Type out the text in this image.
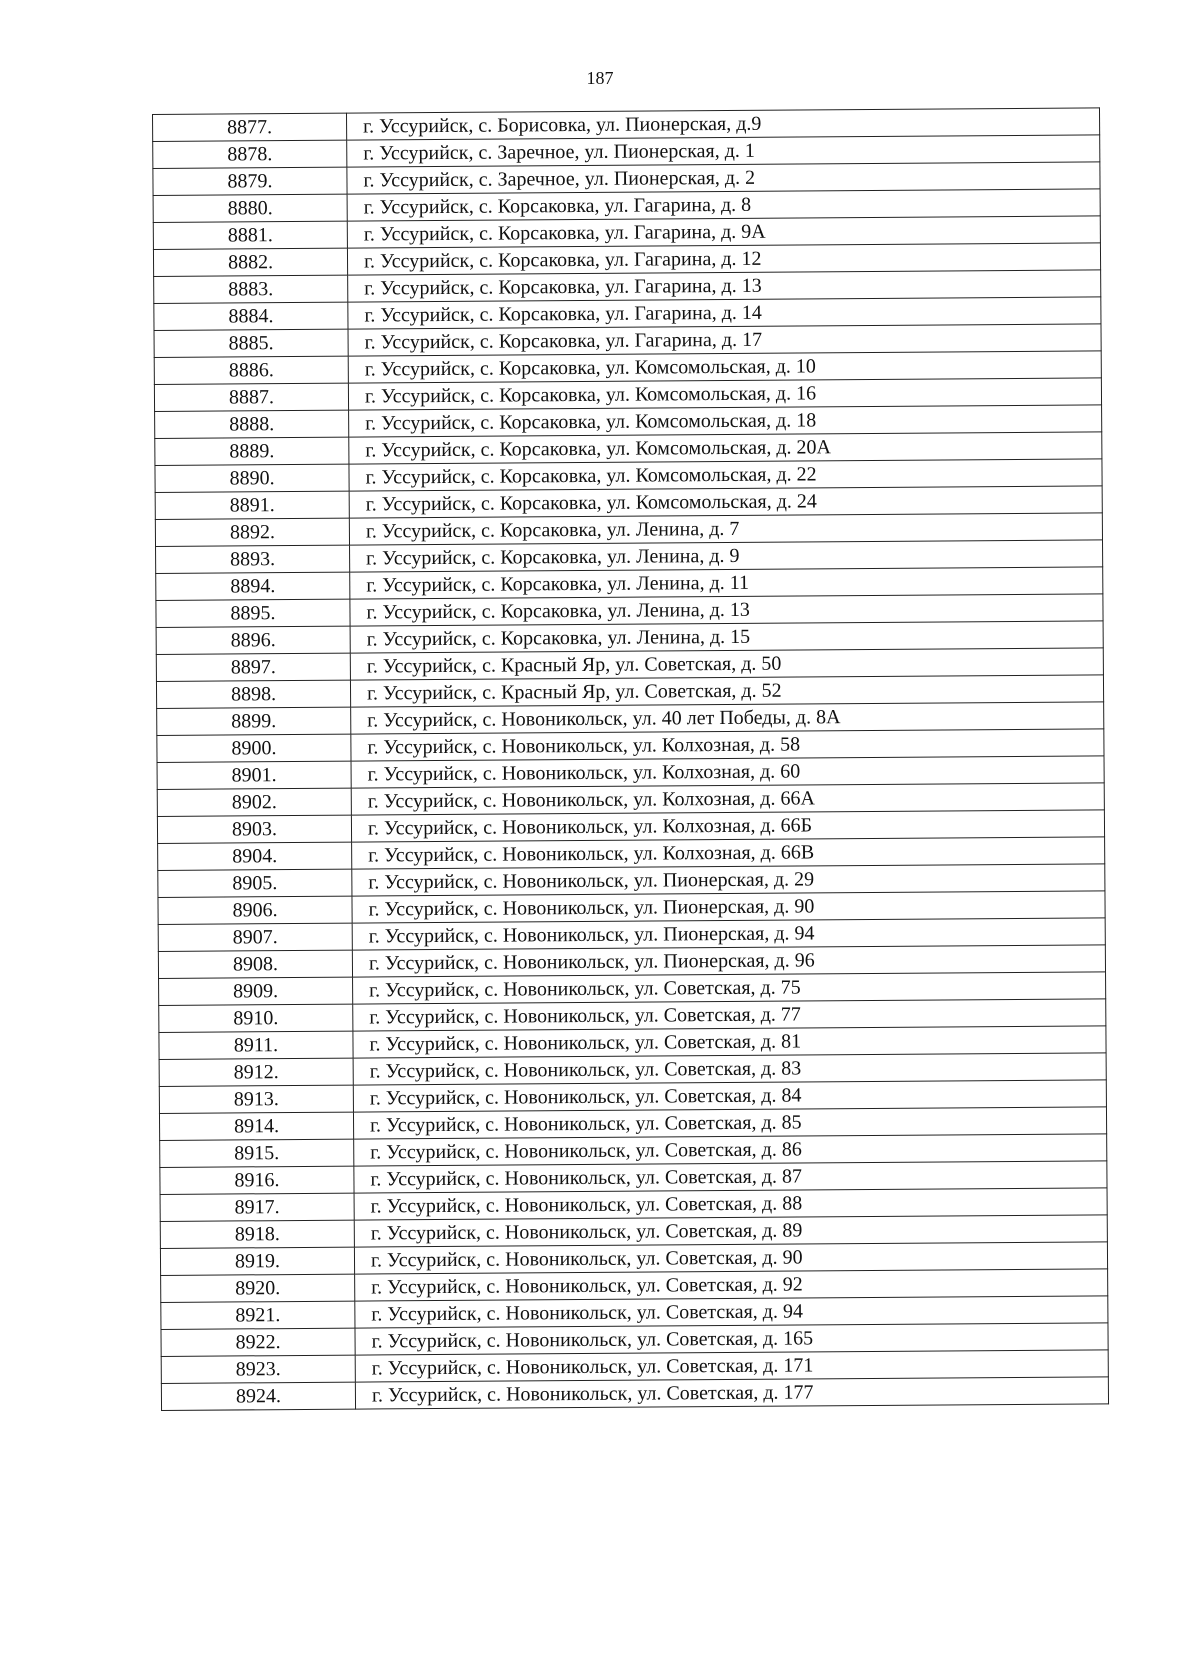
187
8877.	г. Уссурийск, с. Борисовка, ул. Пионерская, д.9
8878.	г. Уссурийск, с. Заречное, ул. Пионерская, д. 1
8879.	г. Уссурийск, с. Заречное, ул. Пионерская, д. 2
8880.	г. Уссурийск, с. Корсаковка, ул. Гагарина, д. 8
8881.	г. Уссурийск, с. Корсаковка, ул. Гагарина, д. 9А
8882.	г. Уссурийск, с. Корсаковка, ул. Гагарина, д. 12
8883.	г. Уссурийск, с. Корсаковка, ул. Гагарина, д. 13
8884.	г. Уссурийск, с. Корсаковка, ул. Гагарина, д. 14
8885.	г. Уссурийск, с. Корсаковка, ул. Гагарина, д. 17
8886.	г. Уссурийск, с. Корсаковка, ул. Комсомольская, д. 10
8887.	г. Уссурийск, с. Корсаковка, ул. Комсомольская, д. 16
8888.	г. Уссурийск, с. Корсаковка, ул. Комсомольская, д. 18
8889.	г. Уссурийск, с. Корсаковка, ул. Комсомольская, д. 20А
8890.	г. Уссурийск, с. Корсаковка, ул. Комсомольская, д. 22
8891.	г. Уссурийск, с. Корсаковка, ул. Комсомольская, д. 24
8892.	г. Уссурийск, с. Корсаковка, ул. Ленина, д. 7
8893.	г. Уссурийск, с. Корсаковка, ул. Ленина, д. 9
8894.	г. Уссурийск, с. Корсаковка, ул. Ленина, д. 11
8895.	г. Уссурийск, с. Корсаковка, ул. Ленина, д. 13
8896.	г. Уссурийск, с. Корсаковка, ул. Ленина, д. 15
8897.	г. Уссурийск, с. Красный Яр, ул. Советская, д. 50
8898.	г. Уссурийск, с. Красный Яр, ул. Советская, д. 52
8899.	г. Уссурийск, с. Новоникольск, ул. 40 лет Победы, д. 8А
8900.	г. Уссурийск, с. Новоникольск, ул. Колхозная, д. 58
8901.	г. Уссурийск, с. Новоникольск, ул. Колхозная, д. 60
8902.	г. Уссурийск, с. Новоникольск, ул. Колхозная, д. 66А
8903.	г. Уссурийск, с. Новоникольск, ул. Колхозная, д. 66Б
8904.	г. Уссурийск, с. Новоникольск, ул. Колхозная, д. 66В
8905.	г. Уссурийск, с. Новоникольск, ул. Пионерская, д. 29
8906.	г. Уссурийск, с. Новоникольск, ул. Пионерская, д. 90
8907.	г. Уссурийск, с. Новоникольск, ул. Пионерская, д. 94
8908.	г. Уссурийск, с. Новоникольск, ул. Пионерская, д. 96
8909.	г. Уссурийск, с. Новоникольск, ул. Советская, д. 75
8910.	г. Уссурийск, с. Новоникольск, ул. Советская, д. 77
8911.	г. Уссурийск, с. Новоникольск, ул. Советская, д. 81
8912.	г. Уссурийск, с. Новоникольск, ул. Советская, д. 83
8913.	г. Уссурийск, с. Новоникольск, ул. Советская, д. 84
8914.	г. Уссурийск, с. Новоникольск, ул. Советская, д. 85
8915.	г. Уссурийск, с. Новоникольск, ул. Советская, д. 86
8916.	г. Уссурийск, с. Новоникольск, ул. Советская, д. 87
8917.	г. Уссурийск, с. Новоникольск, ул. Советская, д. 88
8918.	г. Уссурийск, с. Новоникольск, ул. Советская, д. 89
8919.	г. Уссурийск, с. Новоникольск, ул. Советская, д. 90
8920.	г. Уссурийск, с. Новоникольск, ул. Советская, д. 92
8921.	г. Уссурийск, с. Новоникольск, ул. Советская, д. 94
8922.	г. Уссурийск, с. Новоникольск, ул. Советская, д. 165
8923.	г. Уссурийск, с. Новоникольск, ул. Советская, д. 171
8924.	г. Уссурийск, с. Новоникольск, ул. Советская, д. 177
